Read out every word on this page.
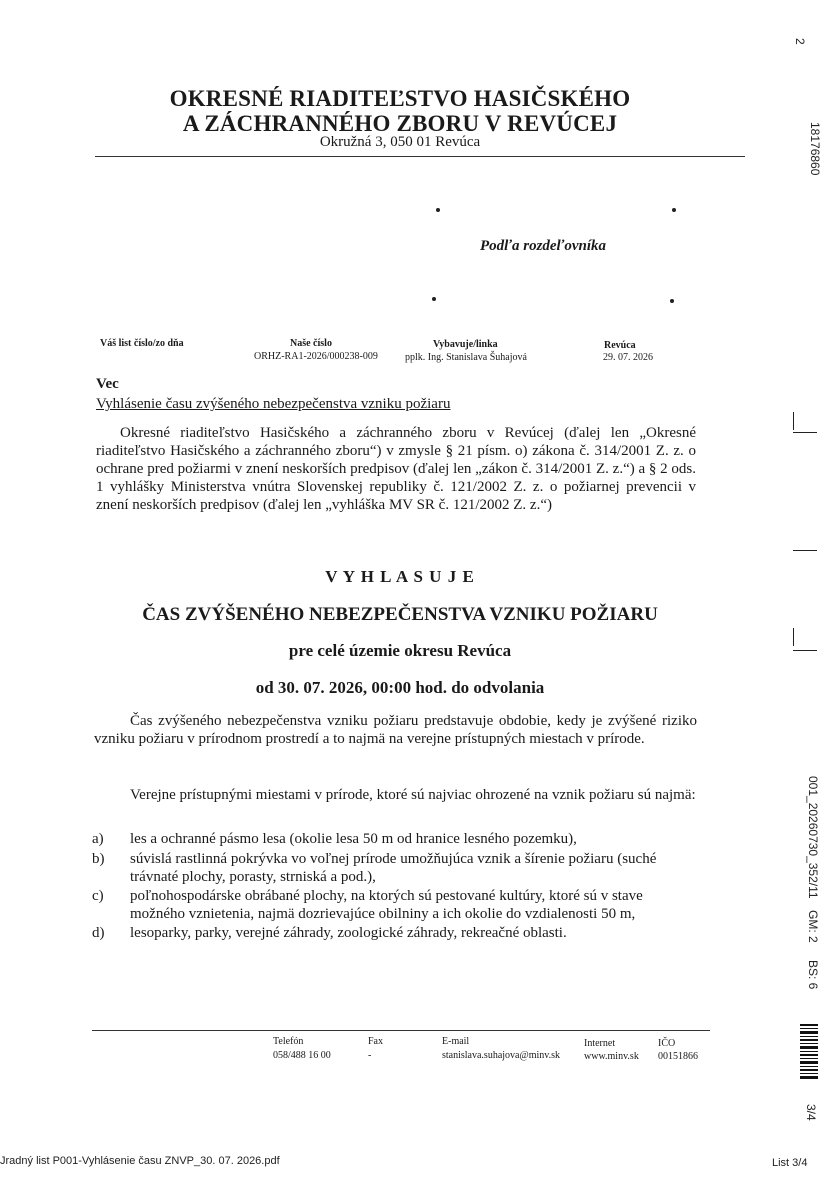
2
OKRESNÉ RIADITEĽSTVO HASIČSKÉHO
A ZÁCHRANNÉHO ZBORU V REVÚCEJ
Okružná 3, 050 01 Revúca
Podľa rozdeľovníka
Váš list číslo/zo dňa	Naše číslo
ORHZ-RA1-2026/000238-009
Vybavuje/linka
pplk. Ing. Stanislava Šuhajová
Revúca
29. 07. 2026
Vec
Vyhlásenie času zvýšeného nebezpečenstva vzniku požiaru
Okresné riaditeľstvo Hasičského a záchranného zboru v Revúcej (ďalej len „Okresné riaditeľstvo Hasičského a záchranného zboru“) v zmysle § 21 písm. o) zákona č. 314/2001 Z. z. o ochrane pred požiarmi v znení neskorších predpisov (ďalej len „zákon č. 314/2001 Z. z.“) a § 2 ods. 1 vyhlášky Ministerstva vnútra Slovenskej republiky č. 121/2002 Z. z. o požiarnej prevencii v znení neskorších predpisov (ďalej len „vyhláška MV SR č. 121/2002 Z. z.“)
V Y H L A S U J E
ČAS ZVÝŠENÉHO NEBEZPEČENSTVA VZNIKU POŽIARU
pre celé územie okresu Revúca
od 30. 07. 2026, 00:00 hod. do odvolania
Čas zvýšeného nebezpečenstva vzniku požiaru predstavuje obdobie, kedy je zvýšené riziko vzniku požiaru v prírodnom prostredí a to najmä na verejne prístupných miestach v prírode.
Verejne prístupnými miestami v prírode, ktoré sú najviac ohrozené na vznik požiaru sú najmä:
a) les a ochranné pásmo lesa (okolie lesa 50 m od hranice lesného pozemku),
b) súvislá rastlinná pokrývka vo voľnej prírode umožňujúca vznik a šírenie požiaru (suché trávnaté plochy, porasty, strniská a pod.),
c) poľnohospodárske obrábané plochy, na ktorých sú pestované kultúry, ktoré sú v stave možného vznietenia, najmä dozrievajúce obilniny a ich okolie do vzdialenosti 50 m,
d) lesoparky, parky, verejné záhrady, zoologické záhrady, rekreačné oblasti.
Telefón
058/488 16 00
Fax
-
E-mail
stanislava.suhajova@minv.sk
Internet
www.minv.sk
IČO
00151866
18176860
001_20260730_352/11
GM: 2
BS: 6
3/4
Jradný list P001-Vyhlásenie času ZNVP_30. 07. 2026.pdf	List 3/4
